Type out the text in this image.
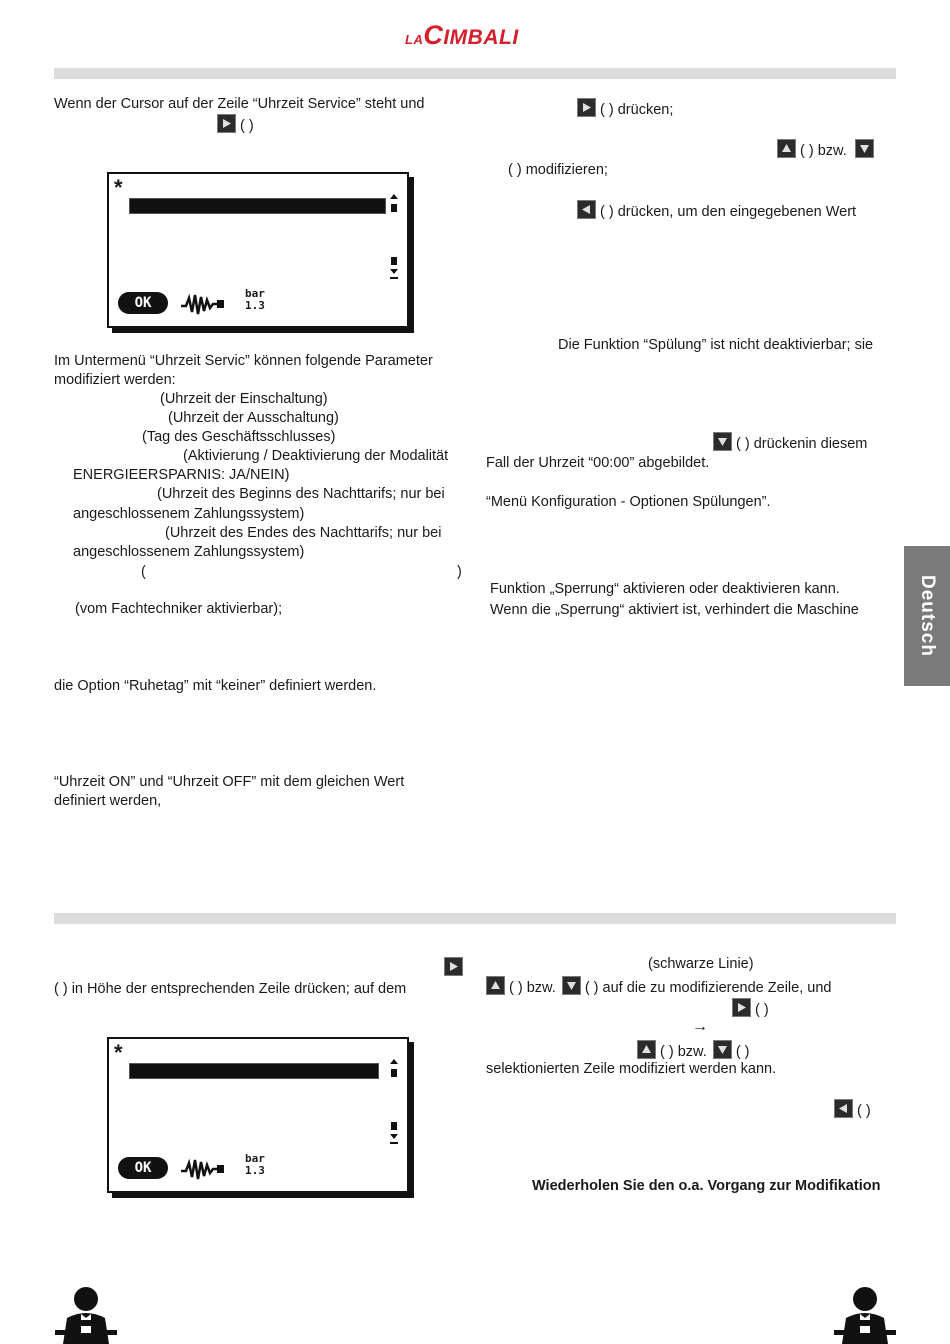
LACIMBALI
Deutsch
Wenn der Cursor auf der Zeile “Uhrzeit Service” steht und
( )
*
OK
bar
1.3
Im Untermenü “Uhrzeit Servic” können folgende Parameter
modifiziert werden:
(Uhrzeit der Einschaltung)
(Uhrzeit der Ausschaltung)
(Tag des Geschäftsschlusses)
(Aktivierung / Deaktivierung der Modalität
ENERGIEERSPARNIS: JA/NEIN)
(Uhrzeit des Beginns des Nachttarifs; nur bei
angeschlossenem Zahlungssystem)
(Uhrzeit des Endes des Nachttarifs; nur bei
angeschlossenem Zahlungssystem)
(	)
(vom Fachtechniker aktivierbar);
die Option “Ruhetag” mit “keiner” definiert werden.
“Uhrzeit ON” und “Uhrzeit OFF” mit dem gleichen Wert
definiert werden,
( ) drücken;
( ) bzw.
( ) modifizieren;
( ) drücken, um den eingegebenen Wert
Die Funktion “Spülung” ist nicht deaktivierbar; sie
( ) drückenin diesem
Fall der Uhrzeit “00:00” abgebildet.
“Menü Konfiguration - Optionen Spülungen”.
Funktion „Sperrung“ aktivieren oder deaktivieren kann.
Wenn die „Sperrung“ aktiviert ist, verhindert die Maschine
( ) in Höhe der entsprechenden Zeile drücken; auf dem
*
OK
bar
1.3
(schwarze Linie)
( ) bzw. ( ) auf die zu modifizierende Zeile, und
( )
→
( ) bzw. ( )
selektionierten Zeile modifiziert werden kann.
( )
Wiederholen Sie den o.a. Vorgang zur Modifikation
